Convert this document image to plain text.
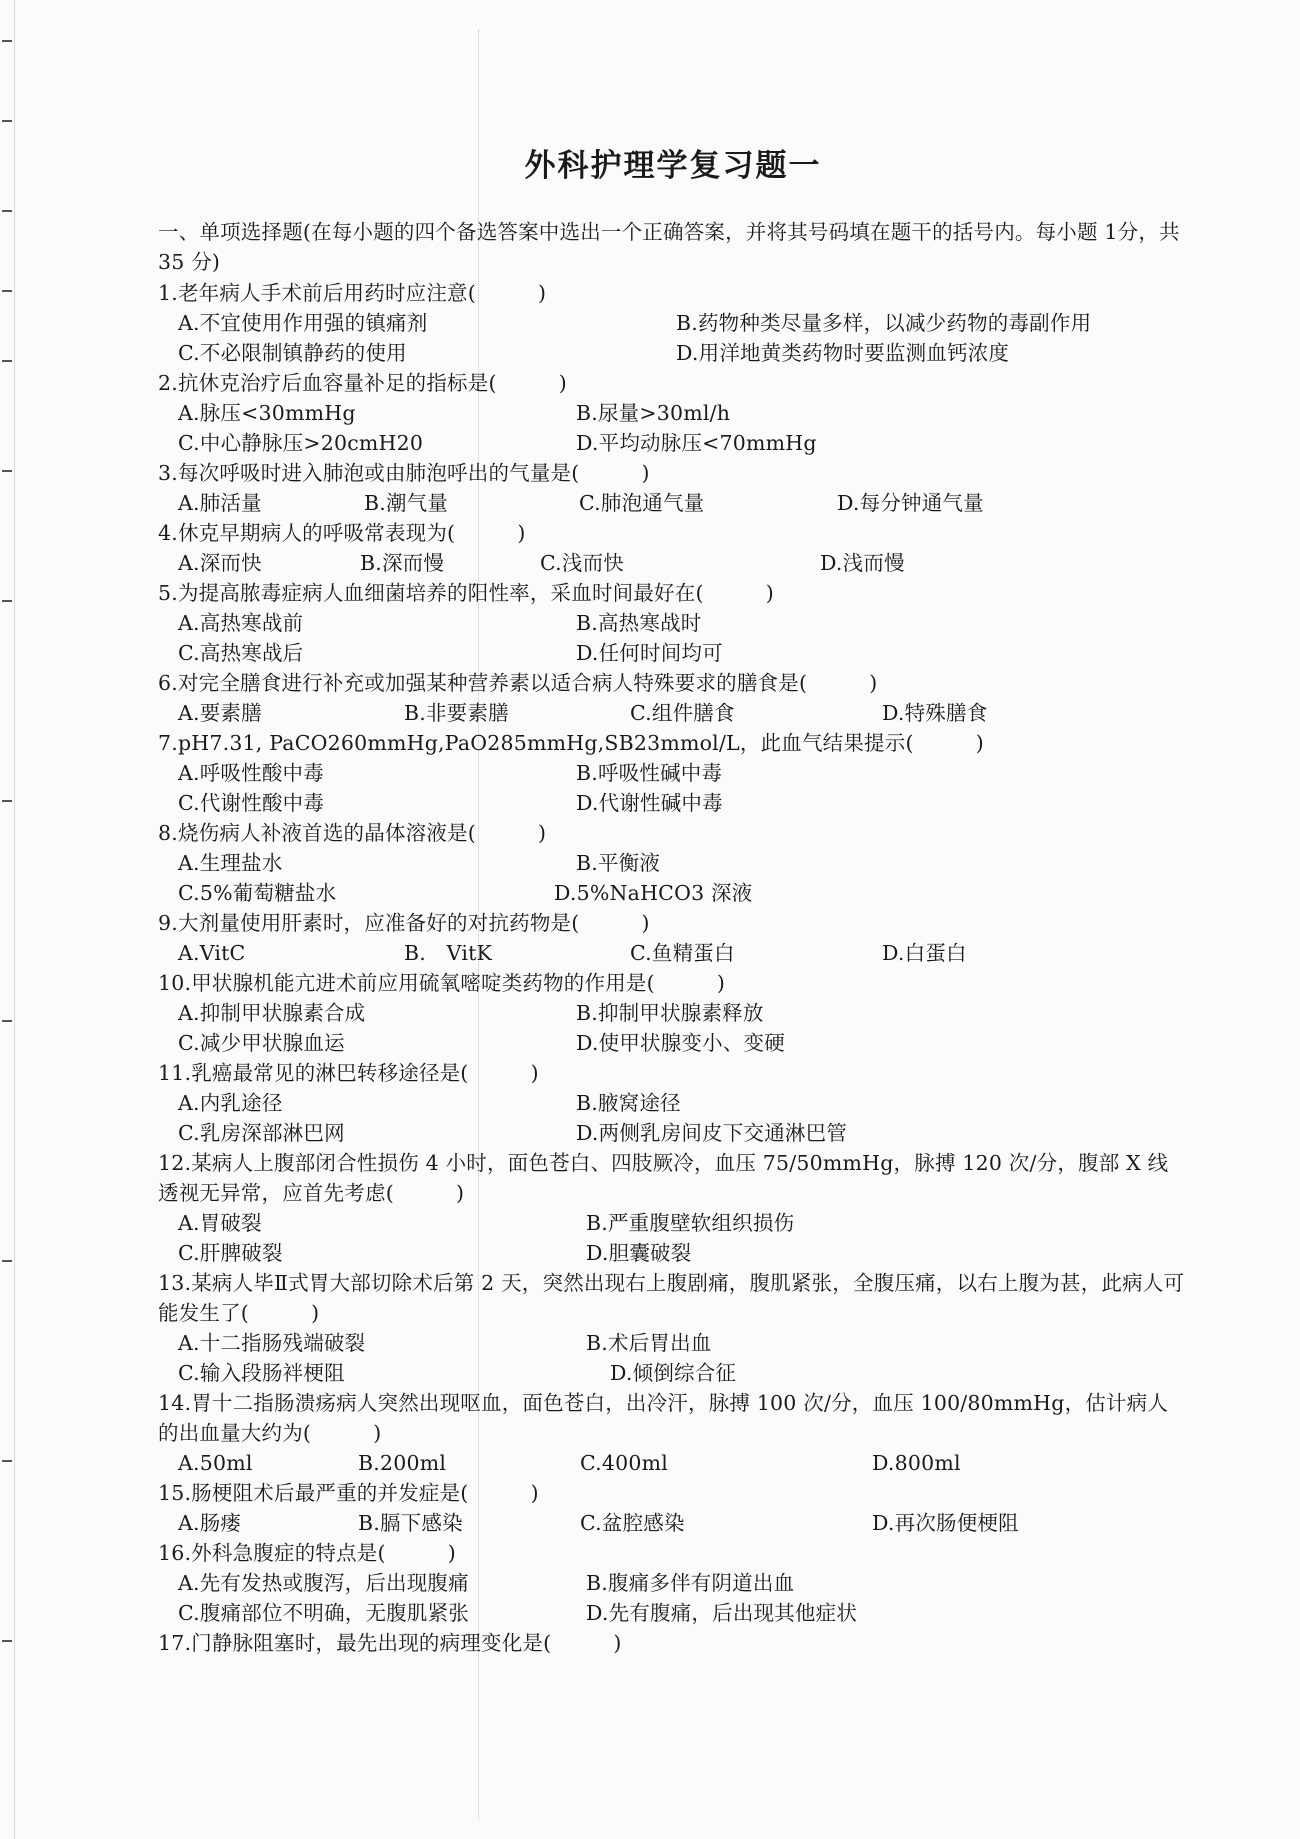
外科护理学复习题一

一、单项选择题(在每小题的四个备选答案中选出一个正确答案，并将其号码填在题干的括号内。每小题 1分，共 35 分)

1.老年病人手术前后用药时应注意(　　　)

A.不宜使用作用强的镇痛剂	B.药物种类尽量多样，以减少药物的毒副作用
C.不必限制镇静药的使用	D.用洋地黄类药物时要监测血钙浓度

2.抗休克治疗后血容量补足的指标是(　　　)

A.脉压<30mmHg	B.尿量>30ml/h
C.中心静脉压>20cmH20	D.平均动脉压<70mmHg

3.每次呼吸时进入肺泡或由肺泡呼出的气量是(　　　)

A.肺活量	B.潮气量	C.肺泡通气量	D.每分钟通气量

4.休克早期病人的呼吸常表现为(　　　)

A.深而快	B.深而慢	C.浅而快	D.浅而慢

5.为提高脓毒症病人血细菌培养的阳性率，采血时间最好在(　　　)

A.高热寒战前	B.高热寒战时
C.高热寒战后	D.任何时间均可

6.对完全膳食进行补充或加强某种营养素以适合病人特殊要求的膳食是(　　　)

A.要素膳	B.非要素膳	C.组件膳食	D.特殊膳食

7.pH7.31, PaCO260mmHg,PaO285mmHg,SB23mmol/L，此血气结果提示(　　　)

A.呼吸性酸中毒	B.呼吸性碱中毒
C.代谢性酸中毒	D.代谢性碱中毒

8.烧伤病人补液首选的晶体溶液是(　　　)

A.生理盐水	B.平衡液
C.5%葡萄糖盐水	D.5%NaHCO3 深液

9.大剂量使用肝素时，应准备好的对抗药物是(　　　)

A.VitC	B.　VitK	C.鱼精蛋白	D.白蛋白

10.甲状腺机能亢进术前应用硫氧嘧啶类药物的作用是(　　　)

A.抑制甲状腺素合成	B.抑制甲状腺素释放
C.减少甲状腺血运	D.使甲状腺变小、变硬

11.乳癌最常见的淋巴转移途径是(　　　)

A.内乳途径	B.腋窝途径
C.乳房深部淋巴网	D.两侧乳房间皮下交通淋巴管

12.某病人上腹部闭合性损伤 4 小时，面色苍白、四肢厥冷，血压 75/50mmHg，脉搏 120 次/分，腹部 X 线透视无异常，应首先考虑(　　　)

A.胃破裂	B.严重腹壁软组织损伤
C.肝脾破裂	D.胆囊破裂

13.某病人毕Ⅱ式胃大部切除术后第 2 天，突然出现右上腹剧痛，腹肌紧张，全腹压痛，以右上腹为甚，此病人可能发生了(　　　)

A.十二指肠残端破裂	B.术后胃出血
C.输入段肠袢梗阻	D.倾倒综合征

14.胃十二指肠溃疡病人突然出现呕血，面色苍白，出冷汗，脉搏 100 次/分，血压 100/80mmHg，估计病人的出血量大约为(　　　)

A.50ml	B.200ml	C.400ml	D.800ml

15.肠梗阻术后最严重的并发症是(　　　)

A.肠瘘	B.膈下感染	C.盆腔感染	D.再次肠便梗阻

16.外科急腹症的特点是(　　　)

A.先有发热或腹泻，后出现腹痛	B.腹痛多伴有阴道出血
C.腹痛部位不明确，无腹肌紧张	D.先有腹痛，后出现其他症状

17.门静脉阻塞时，最先出现的病理变化是(　　　)
